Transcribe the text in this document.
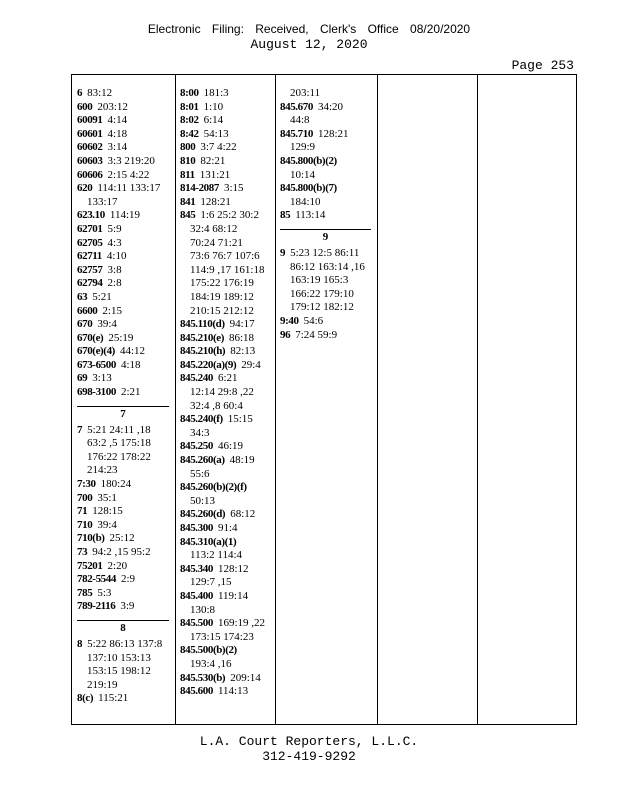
Electronic Filing: Received, Clerk's Office 08/20/2020
August 12, 2020
Page 253
6 83:12
600 203:12
60091 4:14
60601 4:18
60602 3:14
60603 3:3 219:20
60606 2:15 4:22
620 114:11 133:17
133:17
623.10 114:19
62701 5:9
62705 4:3
62711 4:10
62757 3:8
62794 2:8
63 5:21
6600 2:15
670 39:4
670(e) 25:19
670(e)(4) 44:12
673-6500 4:18
69 3:13
698-3100 2:21
7
7 5:21 24:11 ,18
63:2 ,5 175:18
176:22 178:22
214:23
7:30 180:24
700 35:1
71 128:15
710 39:4
710(b) 25:12
73 94:2 ,15 95:2
75201 2:20
782-5544 2:9
785 5:3
789-2116 3:9
8
8 5:22 86:13 137:8
137:10 153:13
153:15 198:12
219:19
8(c) 115:21
8:00 181:3
8:01 1:10
8:02 6:14
8:42 54:13
800 3:7 4:22
810 82:21
811 131:21
814-2087 3:15
841 128:21
845 1:6 25:2 30:2
32:4 68:12
70:24 71:21
73:6 76:7 107:6
114:9 ,17 161:18
175:22 176:19
184:19 189:12
210:15 212:12
845.110(d) 94:17
845.210(e) 86:18
845.210(h) 82:13
845.220(a)(9) 29:4
845.240 6:21
12:14 29:8 ,22
32:4 ,8 60:4
845.240(f) 15:15
34:3
845.250 46:19
845.260(a) 48:19
55:6
845.260(b)(2)(f)
50:13
845.260(d) 68:12
845.300 91:4
845.310(a)(1)
113:2 114:4
845.340 128:12
129:7 ,15
845.400 119:14
130:8
845.500 169:19 ,22
173:15 174:23
845.500(b)(2)
193:4 ,16
845.530(b) 209:14
845.600 114:13
203:11
845.670 34:20
44:8
845.710 128:21
129:9
845.800(b)(2)
10:14
845.800(b)(7)
184:10
85 113:14
9
9 5:23 12:5 86:11
86:12 163:14 ,16
163:19 165:3
166:22 179:10
179:12 182:12
9:40 54:6
96 7:24 59:9
L.A. Court Reporters, L.L.C.
312-419-9292
